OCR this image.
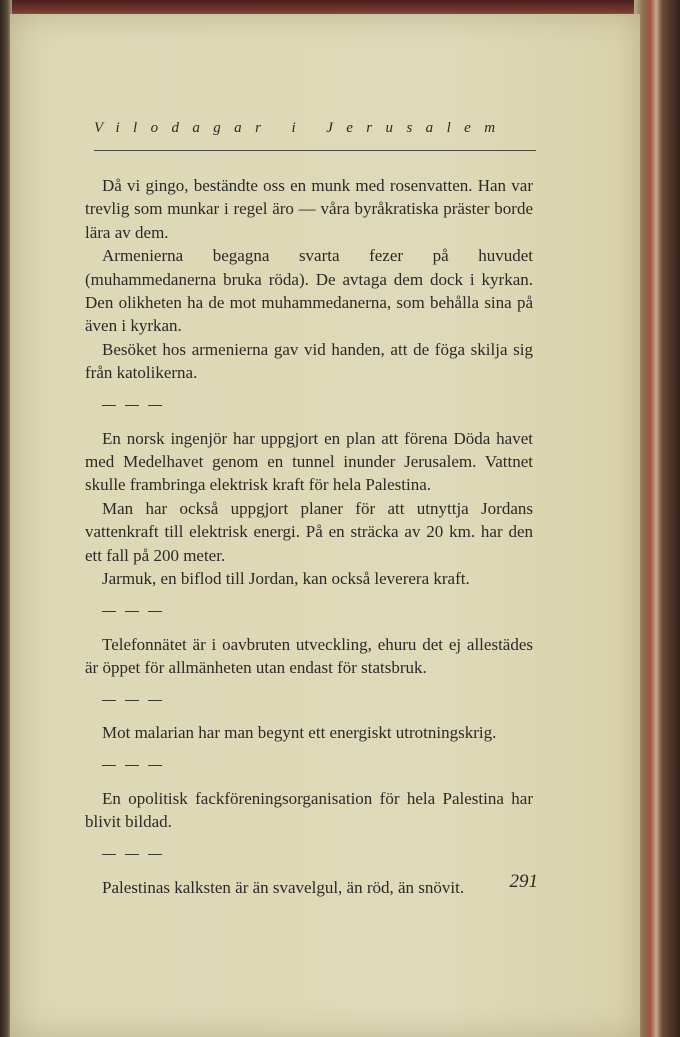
Vilodagar i Jerusalem

Då vi gingo, beständte oss en munk med rosenvatten. Han var trevlig som munkar i regel äro — våra byråkratiska präster borde lära av dem.

Armenierna begagna svarta fezer på huvudet (muhammedanerna bruka röda). De avtaga dem dock i kyrkan. Den olikheten ha de mot muhammedanerna, som behålla sina på även i kyrkan.

Besöket hos armenierna gav vid handen, att de föga skilja sig från katolikerna.

En norsk ingenjör har uppgjort en plan att förena Döda havet med Medelhavet genom en tunnel inunder Jerusalem. Vattnet skulle frambringa elektrisk kraft för hela Palestina.

Man har också uppgjort planer för att utnyttja Jordans vattenkraft till elektrisk energi. På en sträcka av 20 km. har den ett fall på 200 meter.

Jarmuk, en biflod till Jordan, kan också leverera kraft.

Telefonnätet är i oavbruten utveckling, ehuru det ej allestädes är öppet för allmänheten utan endast för statsbruk.

Mot malarian har man begynt ett energiskt utrotningskrig.

En opolitisk fackföreningsorganisation för hela Palestina har blivit bildad.

Palestinas kalksten är än svavelgul, än röd, än snövit.	291
